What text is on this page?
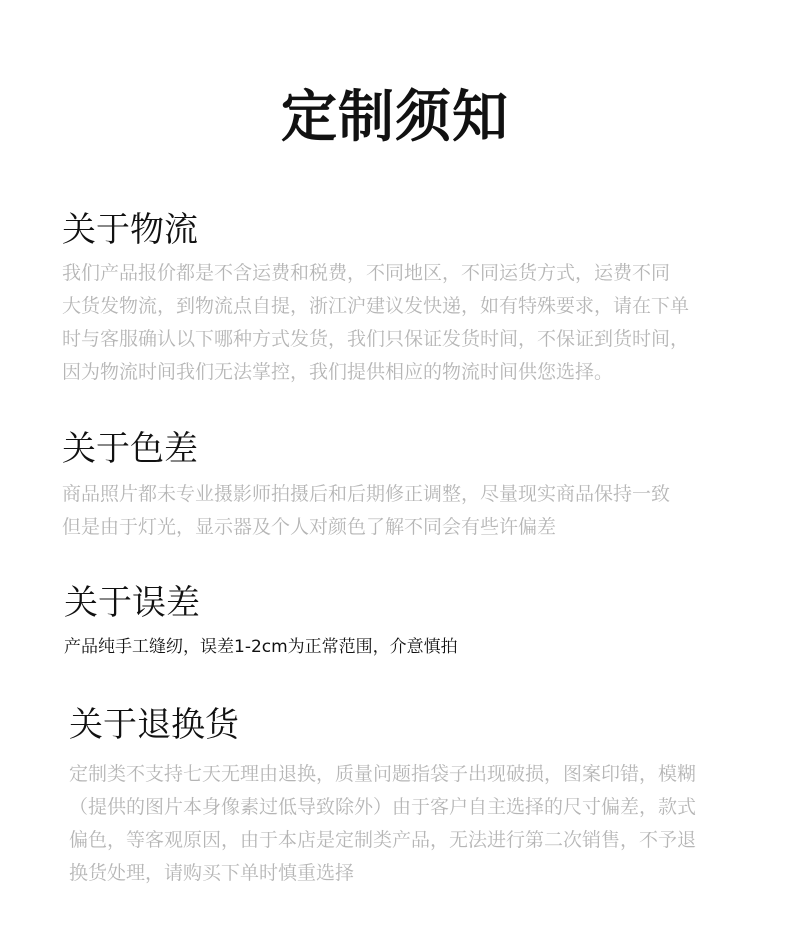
定制须知
关于物流

我们产品报价都是不含运费和税费，不同地区，不同运货方式，运费不同
大货发物流，到物流点自提，浙江沪建议发快递，如有特殊要求，请在下单
时与客服确认以下哪种方式发货，我们只保证发货时间，不保证到货时间，
因为物流时间我们无法掌控，我们提供相应的物流时间供您选择。

关于色差

商品照片都未专业摄影师拍摄后和后期修正调整，尽量现实商品保持一致
但是由于灯光，显示器及个人对颜色了解不同会有些许偏差

关于误差

产品纯手工缝纫，误差1-2cm为正常范围，介意慎拍

关于退换货

定制类不支持七天无理由退换，质量问题指袋子出现破损，图案印错，模糊
（提供的图片本身像素过低导致除外）由于客户自主选择的尺寸偏差，款式
偏色，等客观原因，由于本店是定制类产品，无法进行第二次销售，不予退
换货处理，请购买下单时慎重选择
